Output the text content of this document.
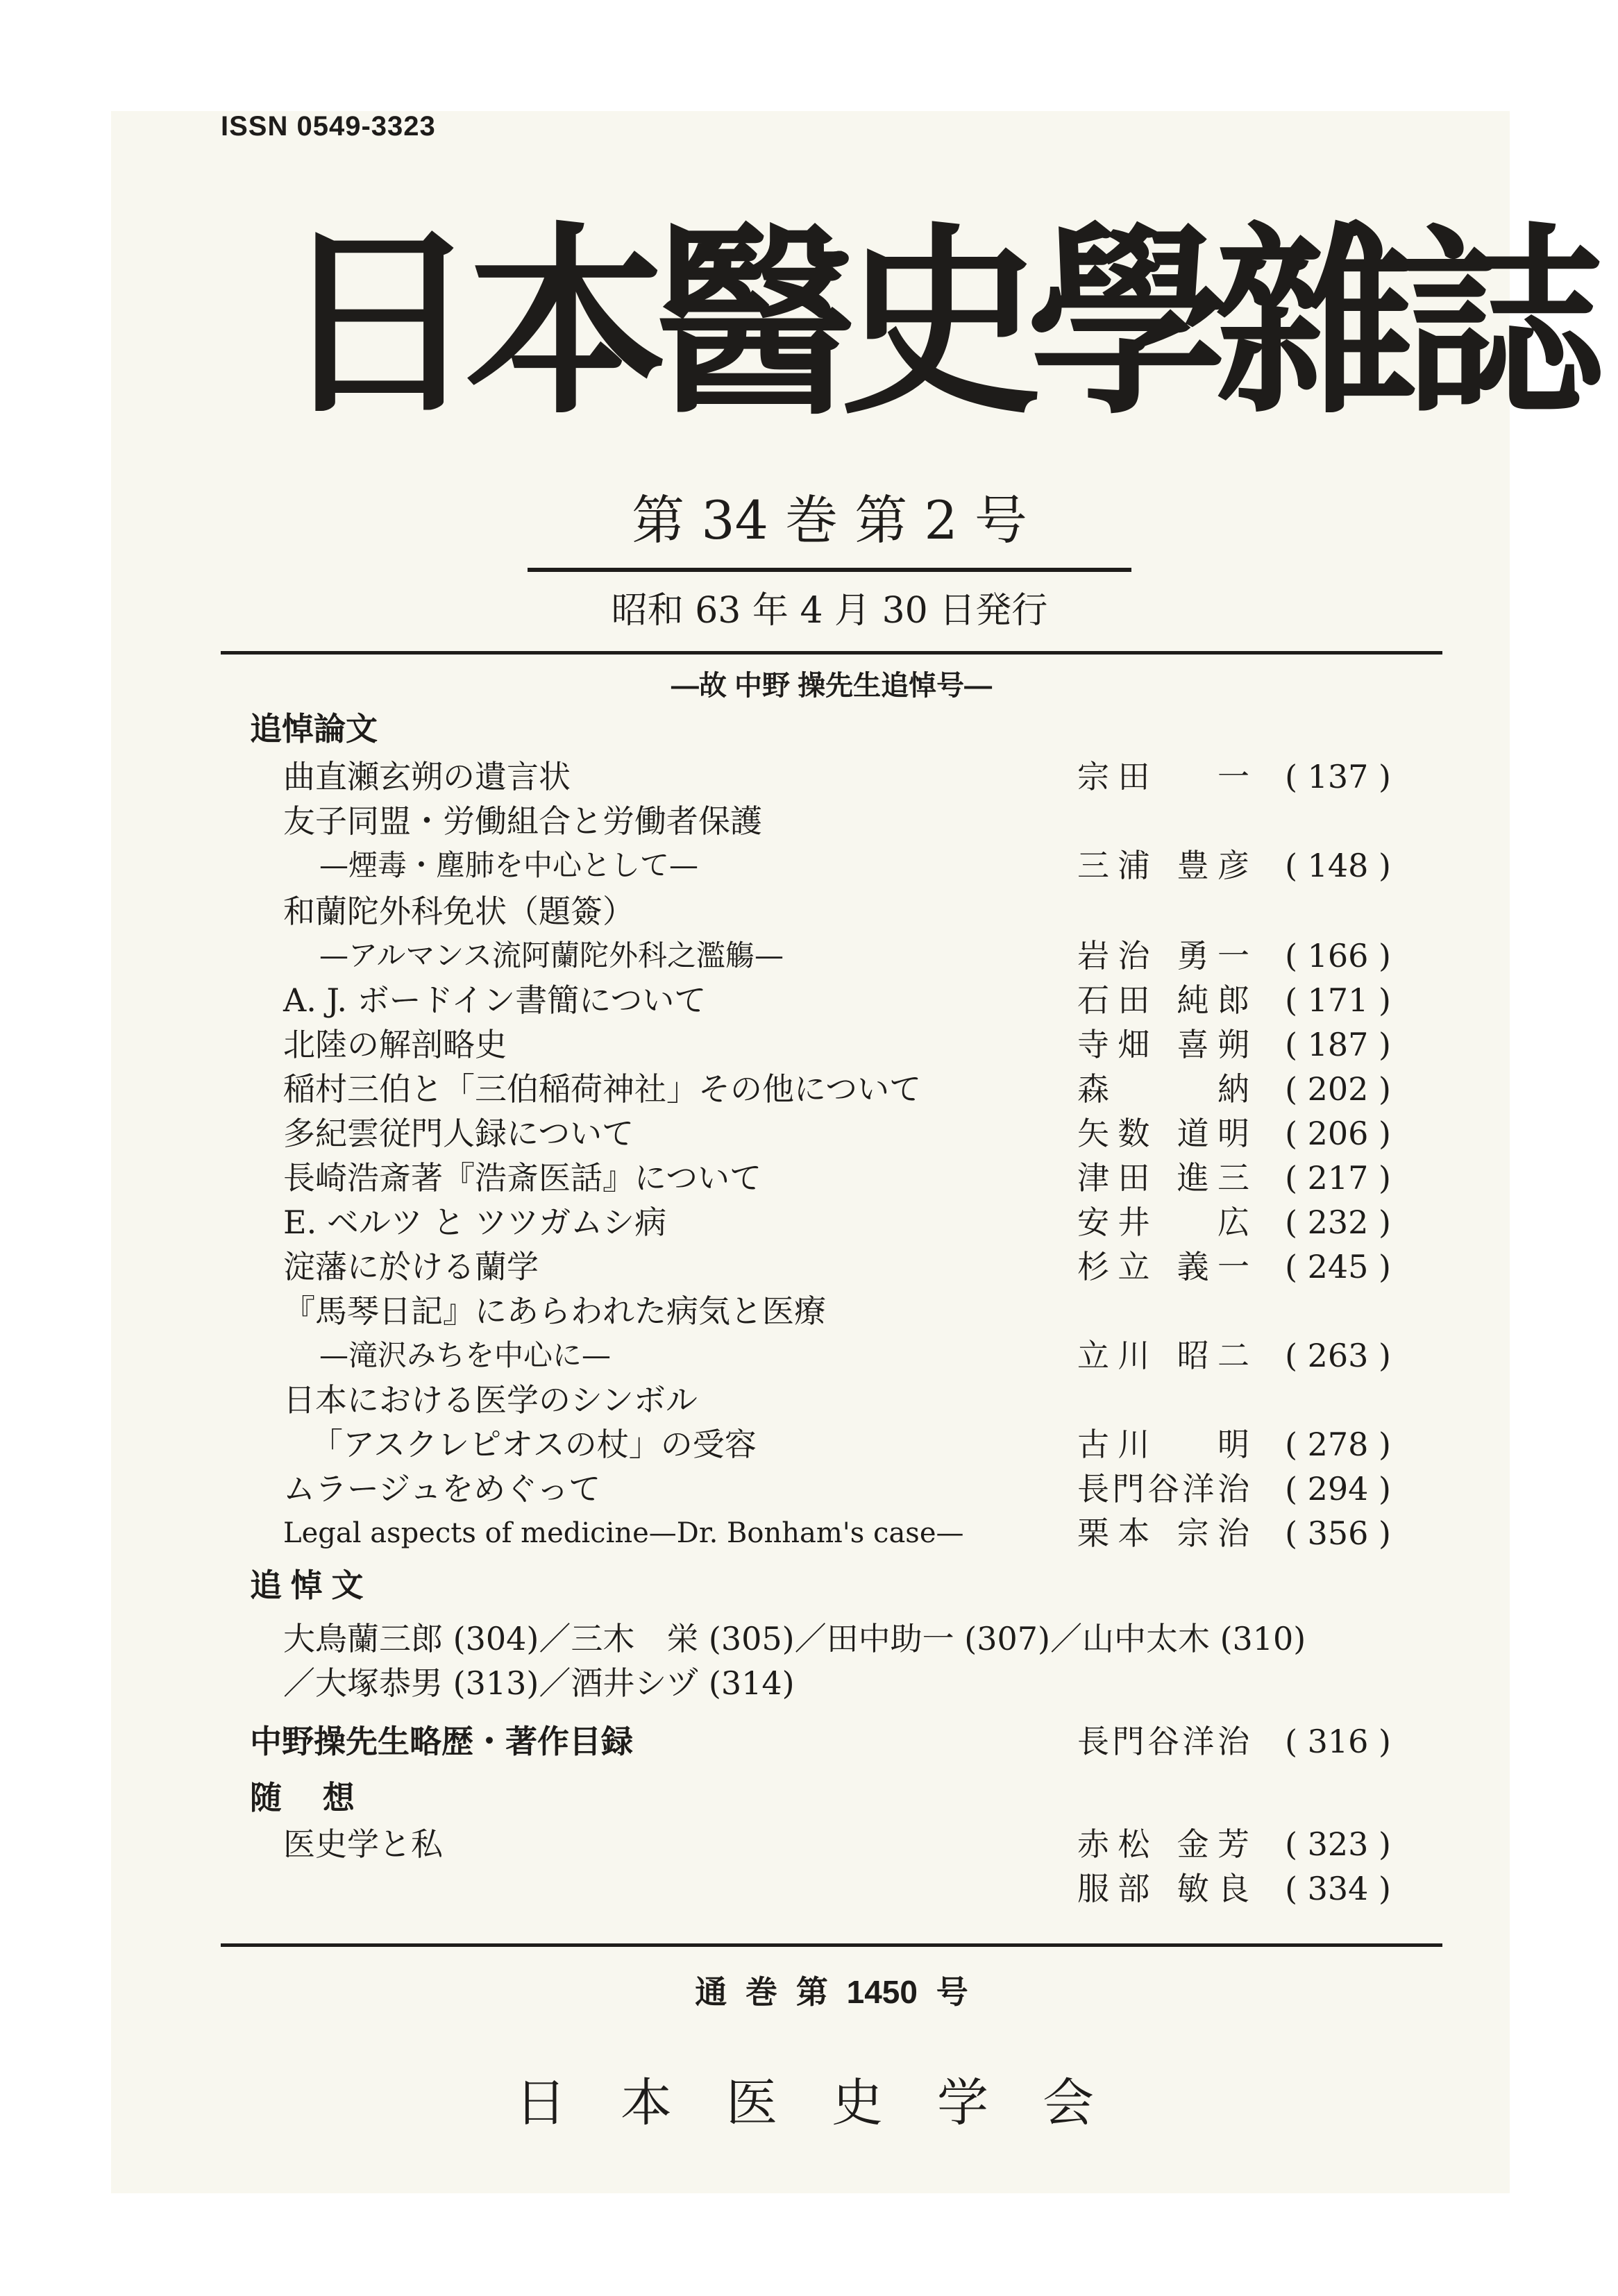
ISSN 0549-3323
日本醫史學雜誌
第 34 巻 第 2 号
昭和 63 年 4 月 30 日発行
—故 中野 操先生追悼号—
追悼論文
曲直瀬玄朔の遺言状	宗田　 一	( 137 )
友子同盟・労働組合と労働者保護
—煙毒・塵肺を中心として—	三浦 豊彦	( 148 )
和蘭陀外科免状（題簽）
—アルマンス流阿蘭陀外科之濫觴—	岩治 勇一	( 166 )
A. J. ボードイン書簡について	石田 純郎	( 171 )
北陸の解剖略史	寺畑 喜朔	( 187 )
稲村三伯と「三伯稲荷神社」その他について	森　 納	( 202 )
多紀雲従門人録について	矢数 道明	( 206 )
長崎浩斎著『浩斎医話』について	津田 進三	( 217 )
E. ベルツ と ツツガムシ病	安井　 広	( 232 )
淀藩に於ける蘭学	杉立 義一	( 245 )
『馬琴日記』にあらわれた病気と医療
—滝沢みちを中心に—	立川 昭二	( 263 )
日本における医学のシンボル
「アスクレピオスの杖」の受容	古川　 明	( 278 )
ムラージュをめぐって	長門谷洋治	( 294 )
Legal aspects of medicine—Dr. Bonham's case—	栗本 宗治	( 356 )
追 悼 文
大鳥蘭三郎 (304)／三木　栄 (305)／田中助一 (307)／山中太木 (310)
／大塚恭男 (313)／酒井シヅ (314)
中野操先生略歴・著作目録	長門谷洋治	( 316 )
随　 想
医史学と私	赤松 金芳	( 323 )
服部 敏良	( 334 )
通 巻 第 1450 号
日本医史学会
